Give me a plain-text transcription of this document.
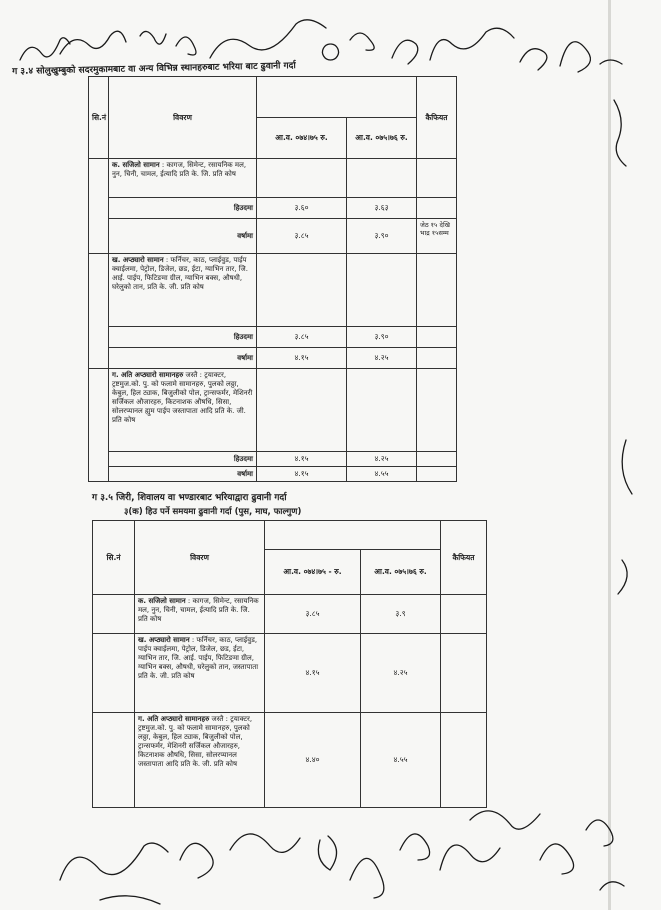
ग ३.४ सोलुखुम्बुको सदरमुकामबाट वा अन्य विभिन्न स्थानहरुबाट भरिया बाट ढुवानी गर्दा
सि.नं	विवरण			कैफियत
		आ.व. ०७४।७५ रु.	आ.व. ०७५।७६ रु.	
	क. सजिलो सामान : कागज, सिमेन्ट, रसायनिक मल, नुन, चिनी, चामल, ईत्यादि प्रति के. जि. प्रति कोष			
	हिउदमा	३.६०	३.६३	
	वर्षामा	३.८५	३.९०	जेठ १५ देखि भाद्र १५सम्म
	ख. अप्ठ्यारो सामान : फर्निचर, काठ, प्लाईवुड, पाईप क्वाईलमा, पेट्रोल, डिजेल, छड, ईटा, ग्याभिन तार, जि. आई. पाईप, फिटिङमा ग्रील, ग्याभिन बक्स, औषधी, घरेलुको तान, प्रति के. जी. प्रति कोष			
	हिउदमा	३.८५	३.९०	
	वर्षामा	४.१५	४.२५	
	ग. अति अप्ठ्यारो सामानहरु जस्तै : ट्रयाक्टर, ट्रष्टमुज.को. पु. को फलामे सामानहरु, पुलको लठ्ठा, केबुल, हिल ट्याक, बिजुलीको पोल, ट्रान्सफर्मर, मेशिनरी सर्जिकल औजारहरु, किटनाशक औषधि, सिसा, सोलरप्यानल ह्युम पाईप जस्तापाता आदि प्रति के. जी. प्रति कोष			
	हिउदमा	४.१५	४.२५	
	वर्षामा	४.१५	४.५५	
ग ३.५ जिरी, शिवालय वा भण्डारबाट भरियाद्वारा ढुवानी गर्दा
३(क) हिउ पर्ने समयमा ढुवानी गर्दा (पुस, माघ, फाल्गुण)
सि.नं	विवरण			कैफियत
		आ.व. ०७४।७५ - रु.	आ.व. ०७५।७६ रु.	
	क. सजिलो सामान : कागज, सिमेन्ट, रसायनिक मल, नुन, चिनी, चामल, ईत्यादि प्रति के. जि. प्रति कोष	३.८५	३.९	
	ख. अप्ठ्यारो सामान : फर्निचर, काठ, प्लाईवुड, पाईप क्वाईलमा, पेट्रोल, डिजेल, छड, ईटा, ग्याभिन तार, जि. आई. पाईप, फिटिङमा ग्रील, ग्याभिन बक्स, औषधी, घरेलुको तान, जस्तापाता प्रति के. जी. प्रति कोष	४.१५	४.२५	
	ग. अति अप्ठ्यारो सामानहरु जस्तै : ट्रयाक्टर, ट्रष्टमुज.को. पु. को फलामे सामानहरु, पुलको लठ्ठा, केबुल, हिल ट्याक, बिजुलीको पोल, ट्रान्सफर्मर, मेशिनरी सर्जिकल औजारहरु, किटनाशक औषधि, सिसा, सोलरप्यानल जस्तापाता आदि प्रति के. जी. प्रति कोष	४.४०	४.५५	
